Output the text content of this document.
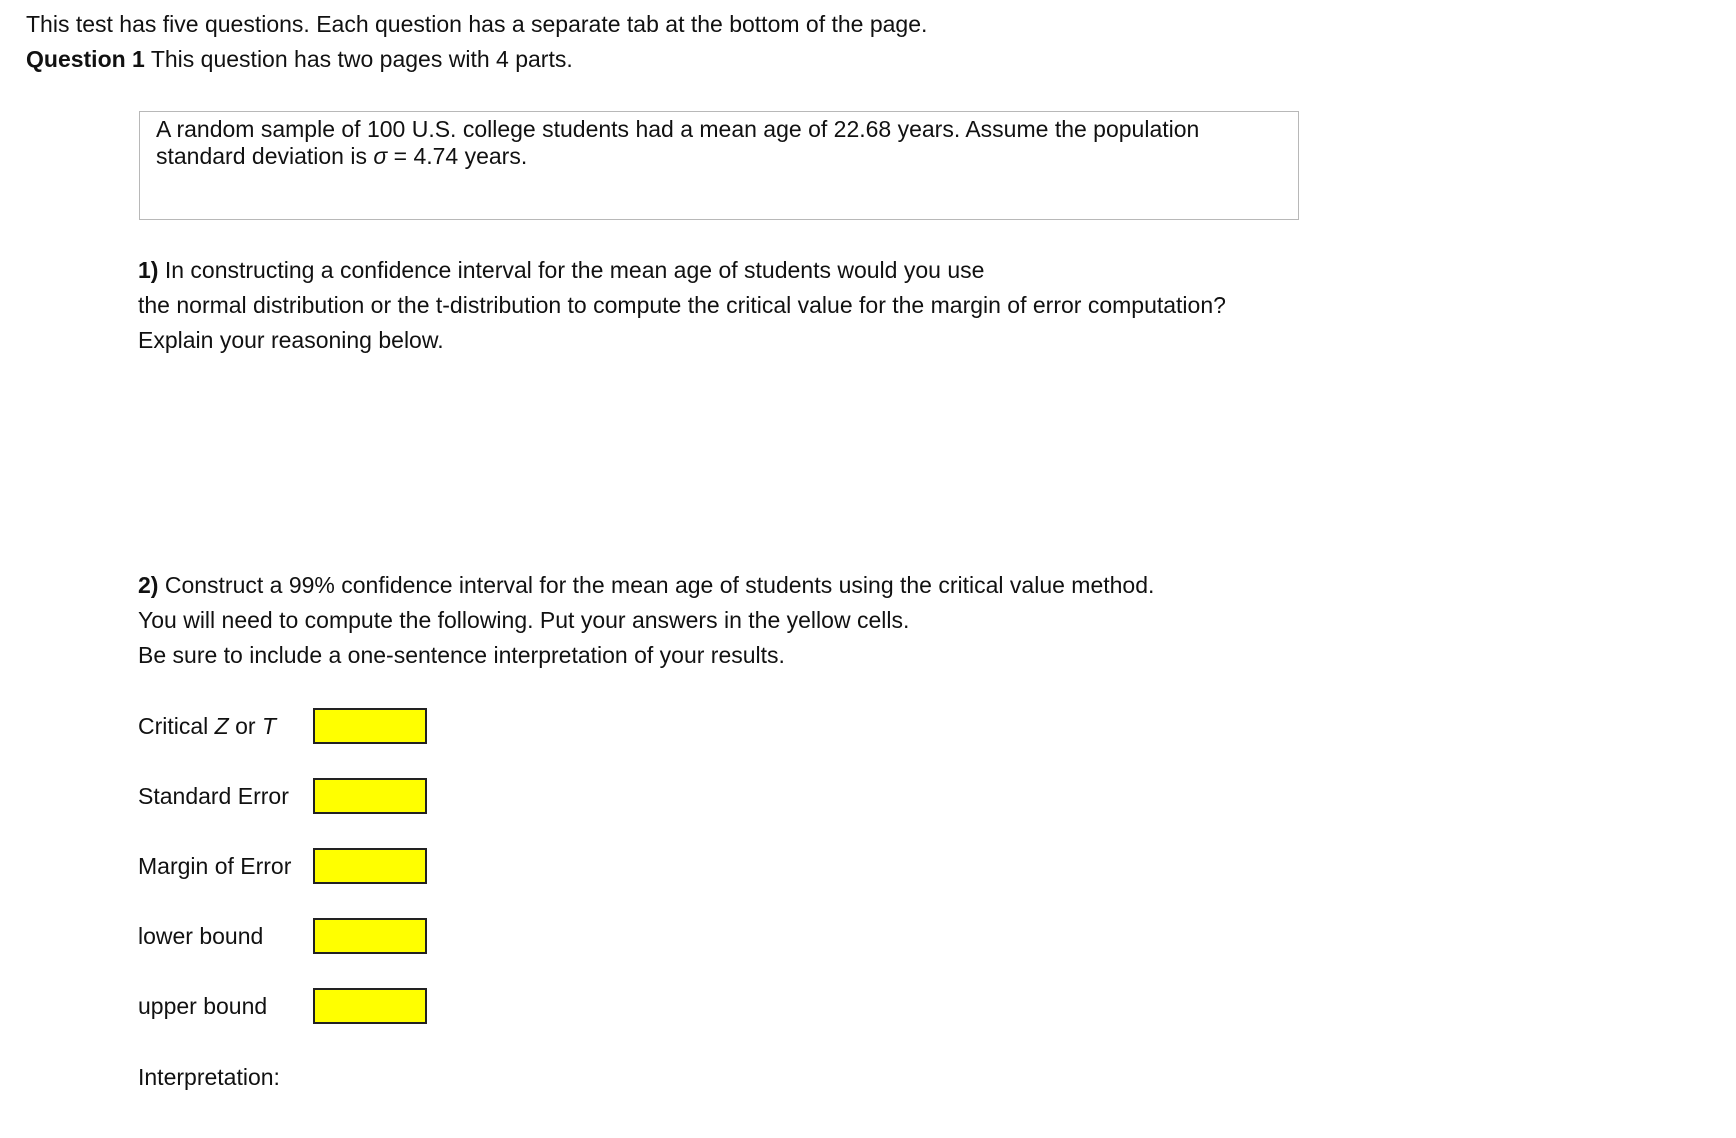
This test has five questions. Each question has a separate tab at the bottom of the page.
Question 1 This question has two pages with 4 parts.
A random sample of 100 U.S. college students had a mean age of 22.68 years. Assume the population
standard deviation is σ = 4.74 years.
1) In constructing a confidence interval for the mean age of students would you use
the normal distribution or the t-distribution to compute the critical value for the margin of error computation?
Explain your reasoning below.
2) Construct a 99% confidence interval for the mean age of students using the critical value method.
You will need to compute the following. Put your answers in the yellow cells.
Be sure to include a one-sentence interpretation of your results.
Critical Z or T
Standard Error
Margin of Error
lower bound
upper bound
Interpretation:
